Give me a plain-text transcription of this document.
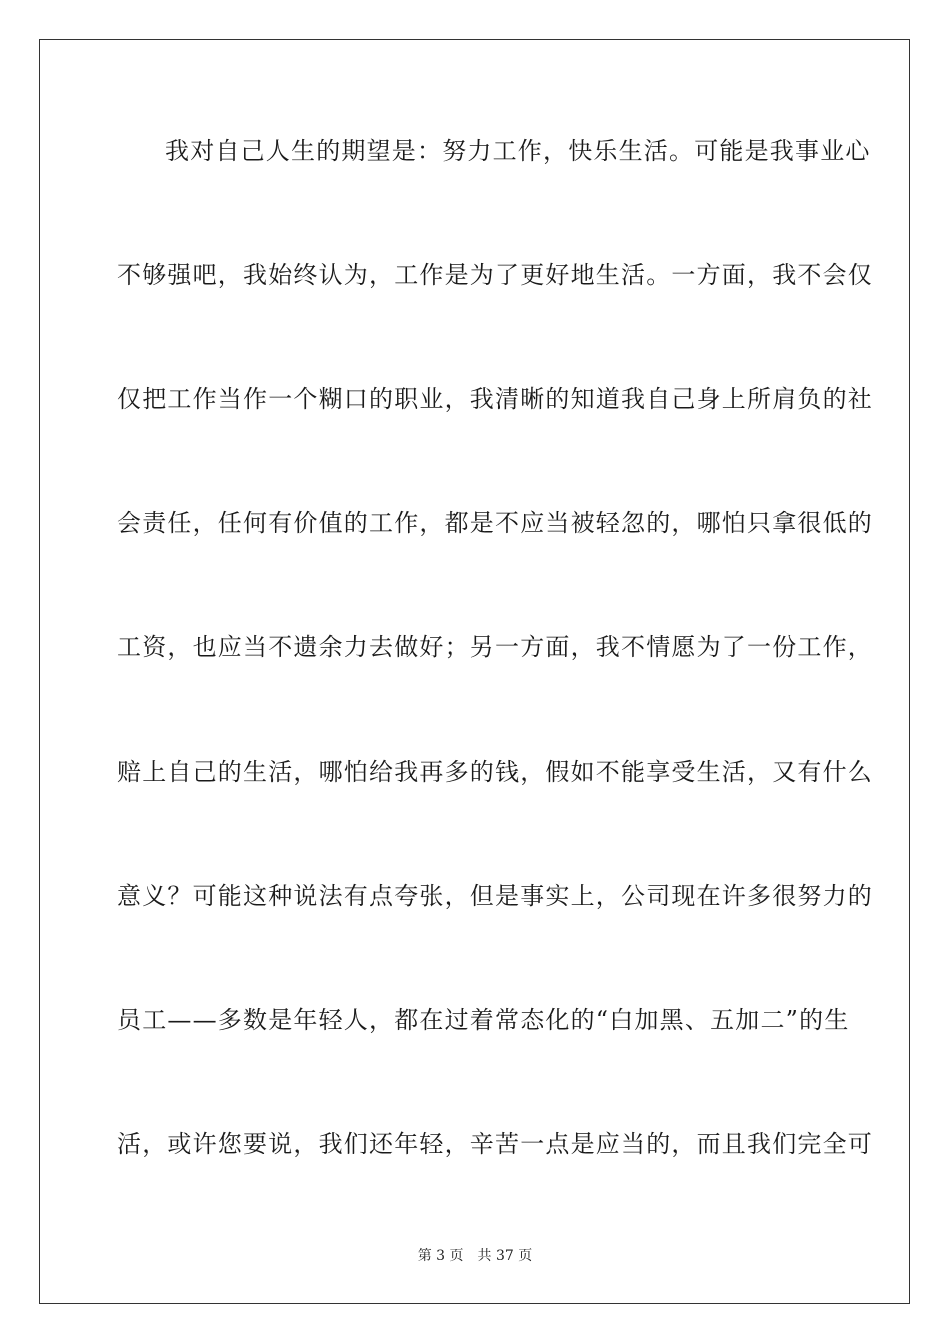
我对自己人生的期望是：努力工作，快乐生活。可能是我事业心
不够强吧，我始终认为，工作是为了更好地生活。一方面，我不会仅
仅把工作当作一个糊口的职业，我清晰的知道我自己身上所肩负的社
会责任，任何有价值的工作，都是不应当被轻忽的，哪怕只拿很低的
工资，也应当不遗余力去做好；另一方面，我不情愿为了一份工作，
赔上自己的生活，哪怕给我再多的钱，假如不能享受生活，又有什么
意义？可能这种说法有点夸张，但是事实上，公司现在许多很努力的
员工——多数是年轻人，都在过着常态化的“白加黑、五加二”的生
活，或许您要说，我们还年轻，辛苦一点是应当的，而且我们完全可
第 3 页 共 37 页
